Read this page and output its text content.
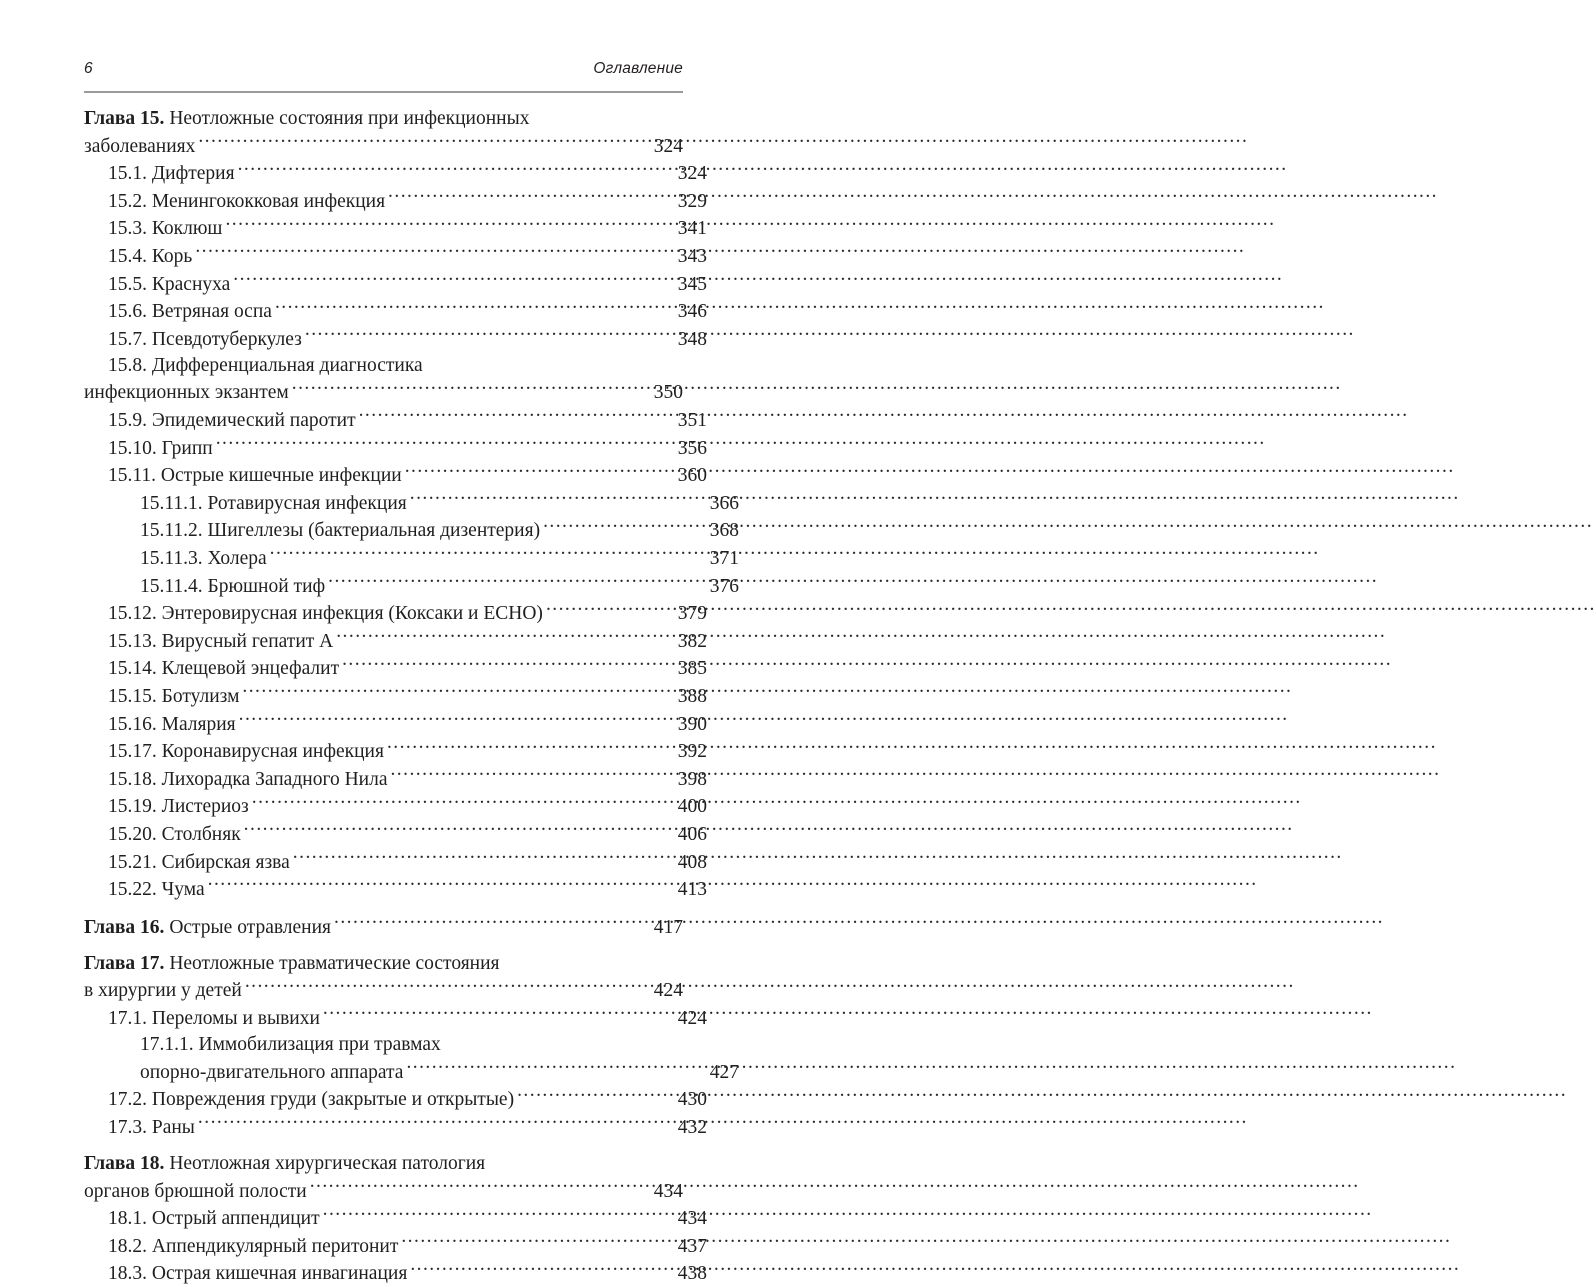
6	Оглавление
Глава 15. Неотложные состояния при инфекционных
заболеваниях .....	324
15.1. Дифтерия .....	324
15.2. Менингококковая инфекция .....	329
15.3. Коклюш .....	341
15.4. Корь .....	343
15.5. Краснуха .....	345
15.6. Ветряная оспа .....	346
15.7. Псевдотуберкулез .....	348
15.8. Дифференциальная диагностика
инфекционных экзантем .....	350
15.9. Эпидемический паротит .....	351
15.10. Грипп .....	356
15.11. Острые кишечные инфекции .....	360
15.11.1. Ротавирусная инфекция .....	366
15.11.2. Шигеллезы (бактериальная дизентерия) .....	368
15.11.3. Холера .....	371
15.11.4. Брюшной тиф .....	376
15.12. Энтеровирусная инфекция (Коксаки и ECHO) .....	379
15.13. Вирусный гепатит А .....	382
15.14. Клещевой энцефалит .....	385
15.15. Ботулизм .....	388
15.16. Малярия .....	390
15.17. Коронавирусная инфекция .....	392
15.18. Лихорадка Западного Нила .....	398
15.19. Листериоз .....	400
15.20. Столбняк .....	406
15.21. Сибирская язва .....	408
15.22. Чума .....	413
Глава 16. Острые отравления .....	417
Глава 17. Неотложные травматические состояния
в хирургии у детей .....	424
17.1. Переломы и вывихи .....	424
17.1.1. Иммобилизация при травмах
опорно-двигательного аппарата .....	427
17.2. Повреждения груди (закрытые и открытые) .....	430
17.3. Раны .....	432
Глава 18. Неотложная хирургическая патология
органов брюшной полости .....	434
18.1. Острый аппендицит .....	434
18.2. Аппендикулярный перитонит .....	437
18.3. Острая кишечная инвагинация .....	438
